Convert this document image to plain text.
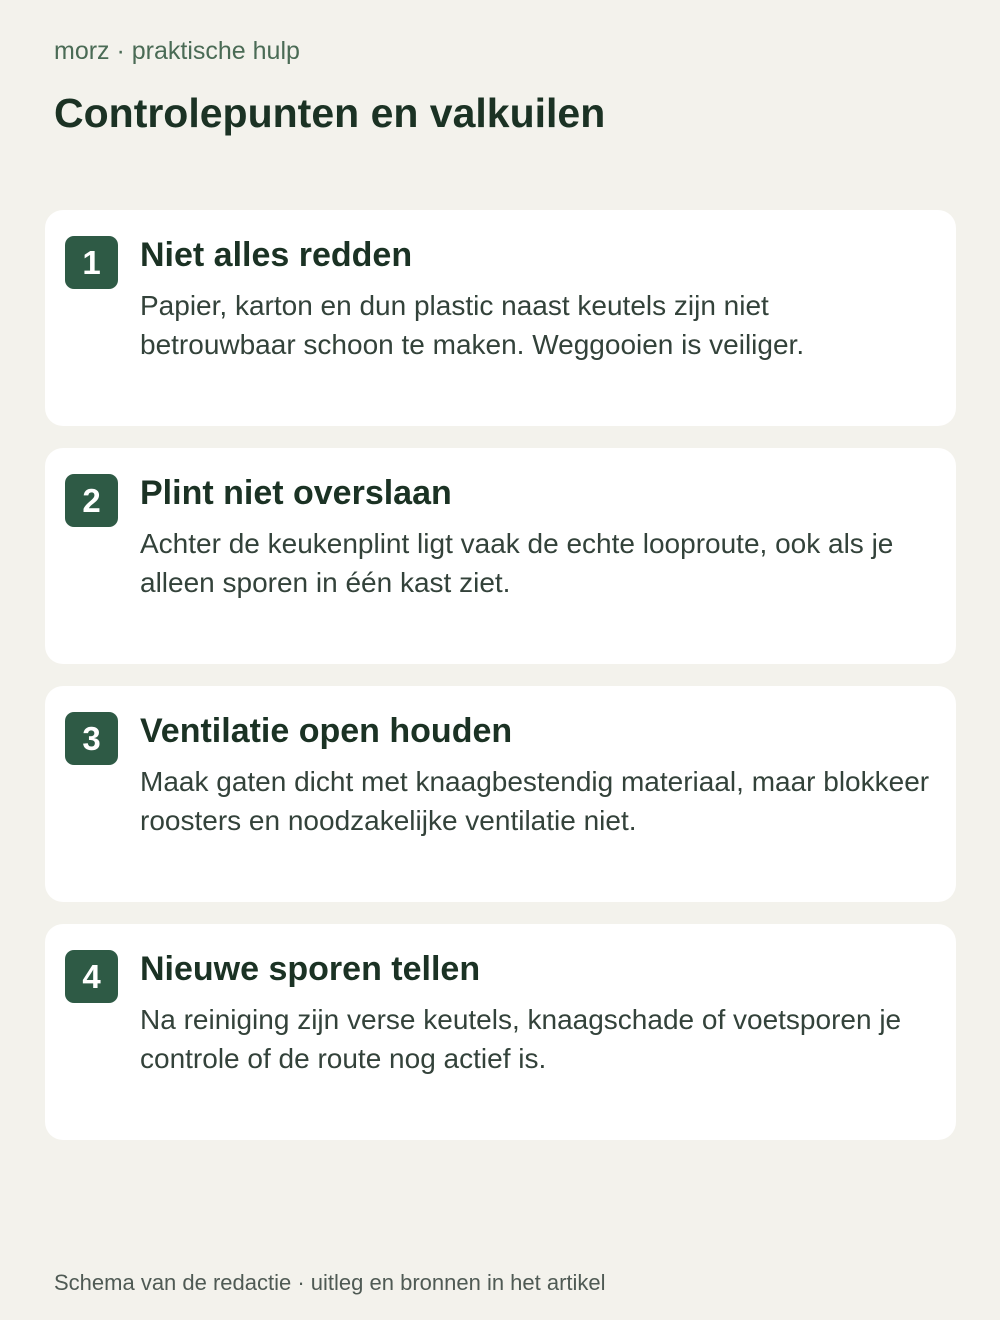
morz · praktische hulp
Controlepunten en valkuilen
1	Niet alles redden

Papier, karton en dun plastic naast keutels zijn niet betrouwbaar schoon te maken. Weggooien is veiliger.

2	Plint niet overslaan

Achter de keukenplint ligt vaak de echte looproute, ook als je alleen sporen in één kast ziet.

3	Ventilatie open houden

Maak gaten dicht met knaagbestendig materiaal, maar blokkeer roosters en noodzakelijke ventilatie niet.

4	Nieuwe sporen tellen

Na reiniging zijn verse keutels, knaagschade of voetsporen je controle of de route nog actief is.

Schema van de redactie · uitleg en bronnen in het artikel
